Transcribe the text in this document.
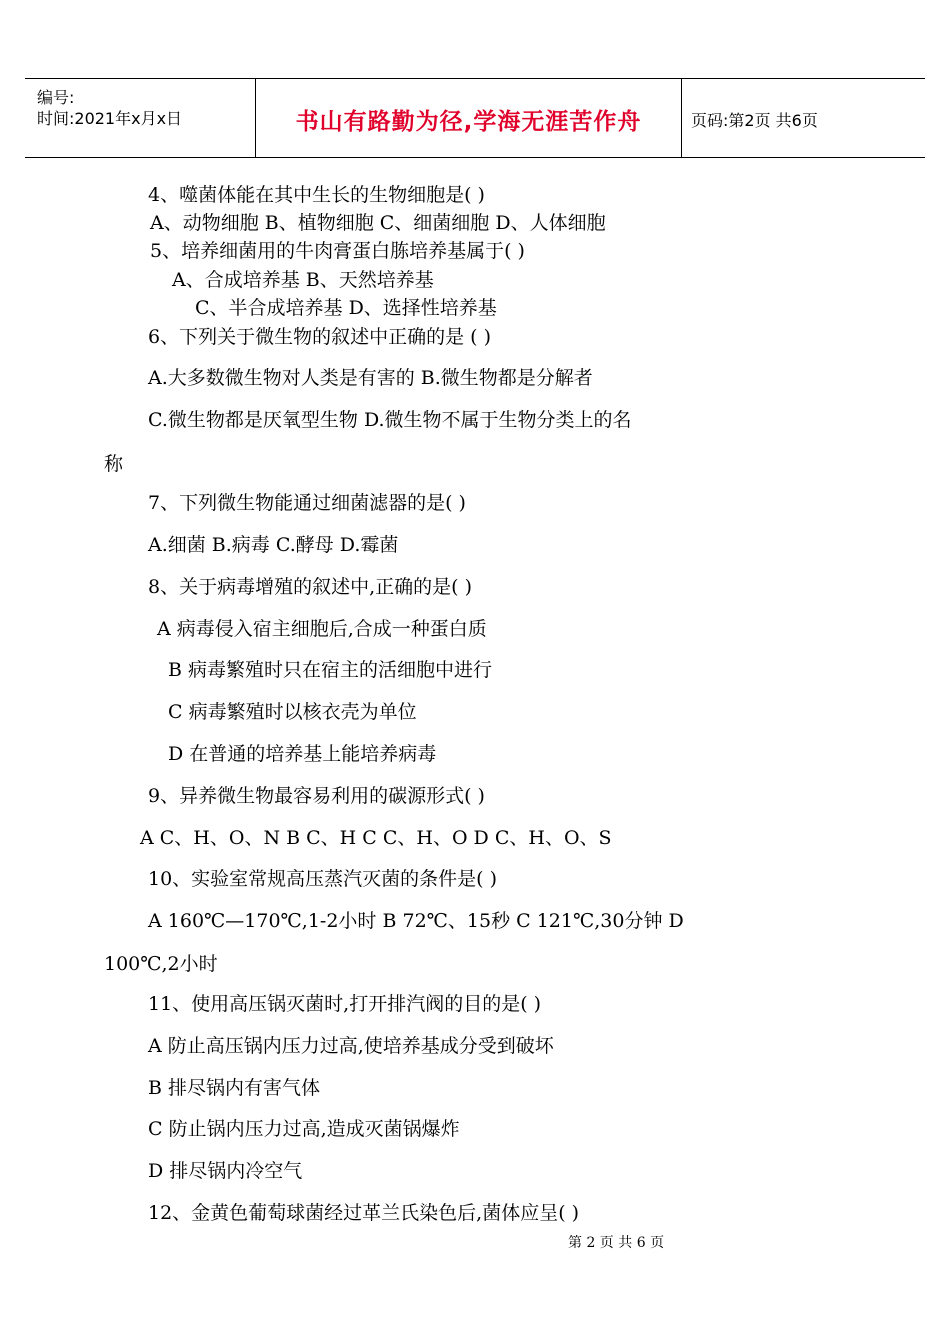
编号:
时间:2021年x月x日	书山有路勤为径,学海无涯苦作舟	页码:第2页 共6页
4、噬菌体能在其中生长的生物细胞是( )
A、动物细胞 B、植物细胞 C、细菌细胞 D、人体细胞
5、培养细菌用的牛肉膏蛋白胨培养基属于( )
A、合成培养基 B、天然培养基
C、半合成培养基 D、选择性培养基
6、下列关于微生物的叙述中正确的是 ( )
A.大多数微生物对人类是有害的 B.微生物都是分解者
C.微生物都是厌氧型生物 D.微生物不属于生物分类上的名
称
7、下列微生物能通过细菌滤器的是( )
A.细菌 B.病毒 C.酵母 D.霉菌
8、关于病毒增殖的叙述中,正确的是( )
A 病毒侵入宿主细胞后,合成一种蛋白质
B 病毒繁殖时只在宿主的活细胞中进行
C 病毒繁殖时以核衣壳为单位
D 在普通的培养基上能培养病毒
9、异养微生物最容易利用的碳源形式( )
A C、H、O、N B C、H C C、H、O D C、H、O、S
10、实验室常规高压蒸汽灭菌的条件是( )
A 160℃—170℃,1-2小时 B 72℃、15秒 C 121℃,30分钟 D
100℃,2小时
11、使用高压锅灭菌时,打开排汽阀的目的是( )
A 防止高压锅内压力过高,使培养基成分受到破坏
B 排尽锅内有害气体
C 防止锅内压力过高,造成灭菌锅爆炸
D 排尽锅内冷空气
12、金黄色葡萄球菌经过革兰氏染色后,菌体应呈( )
第 2 页 共 6 页
